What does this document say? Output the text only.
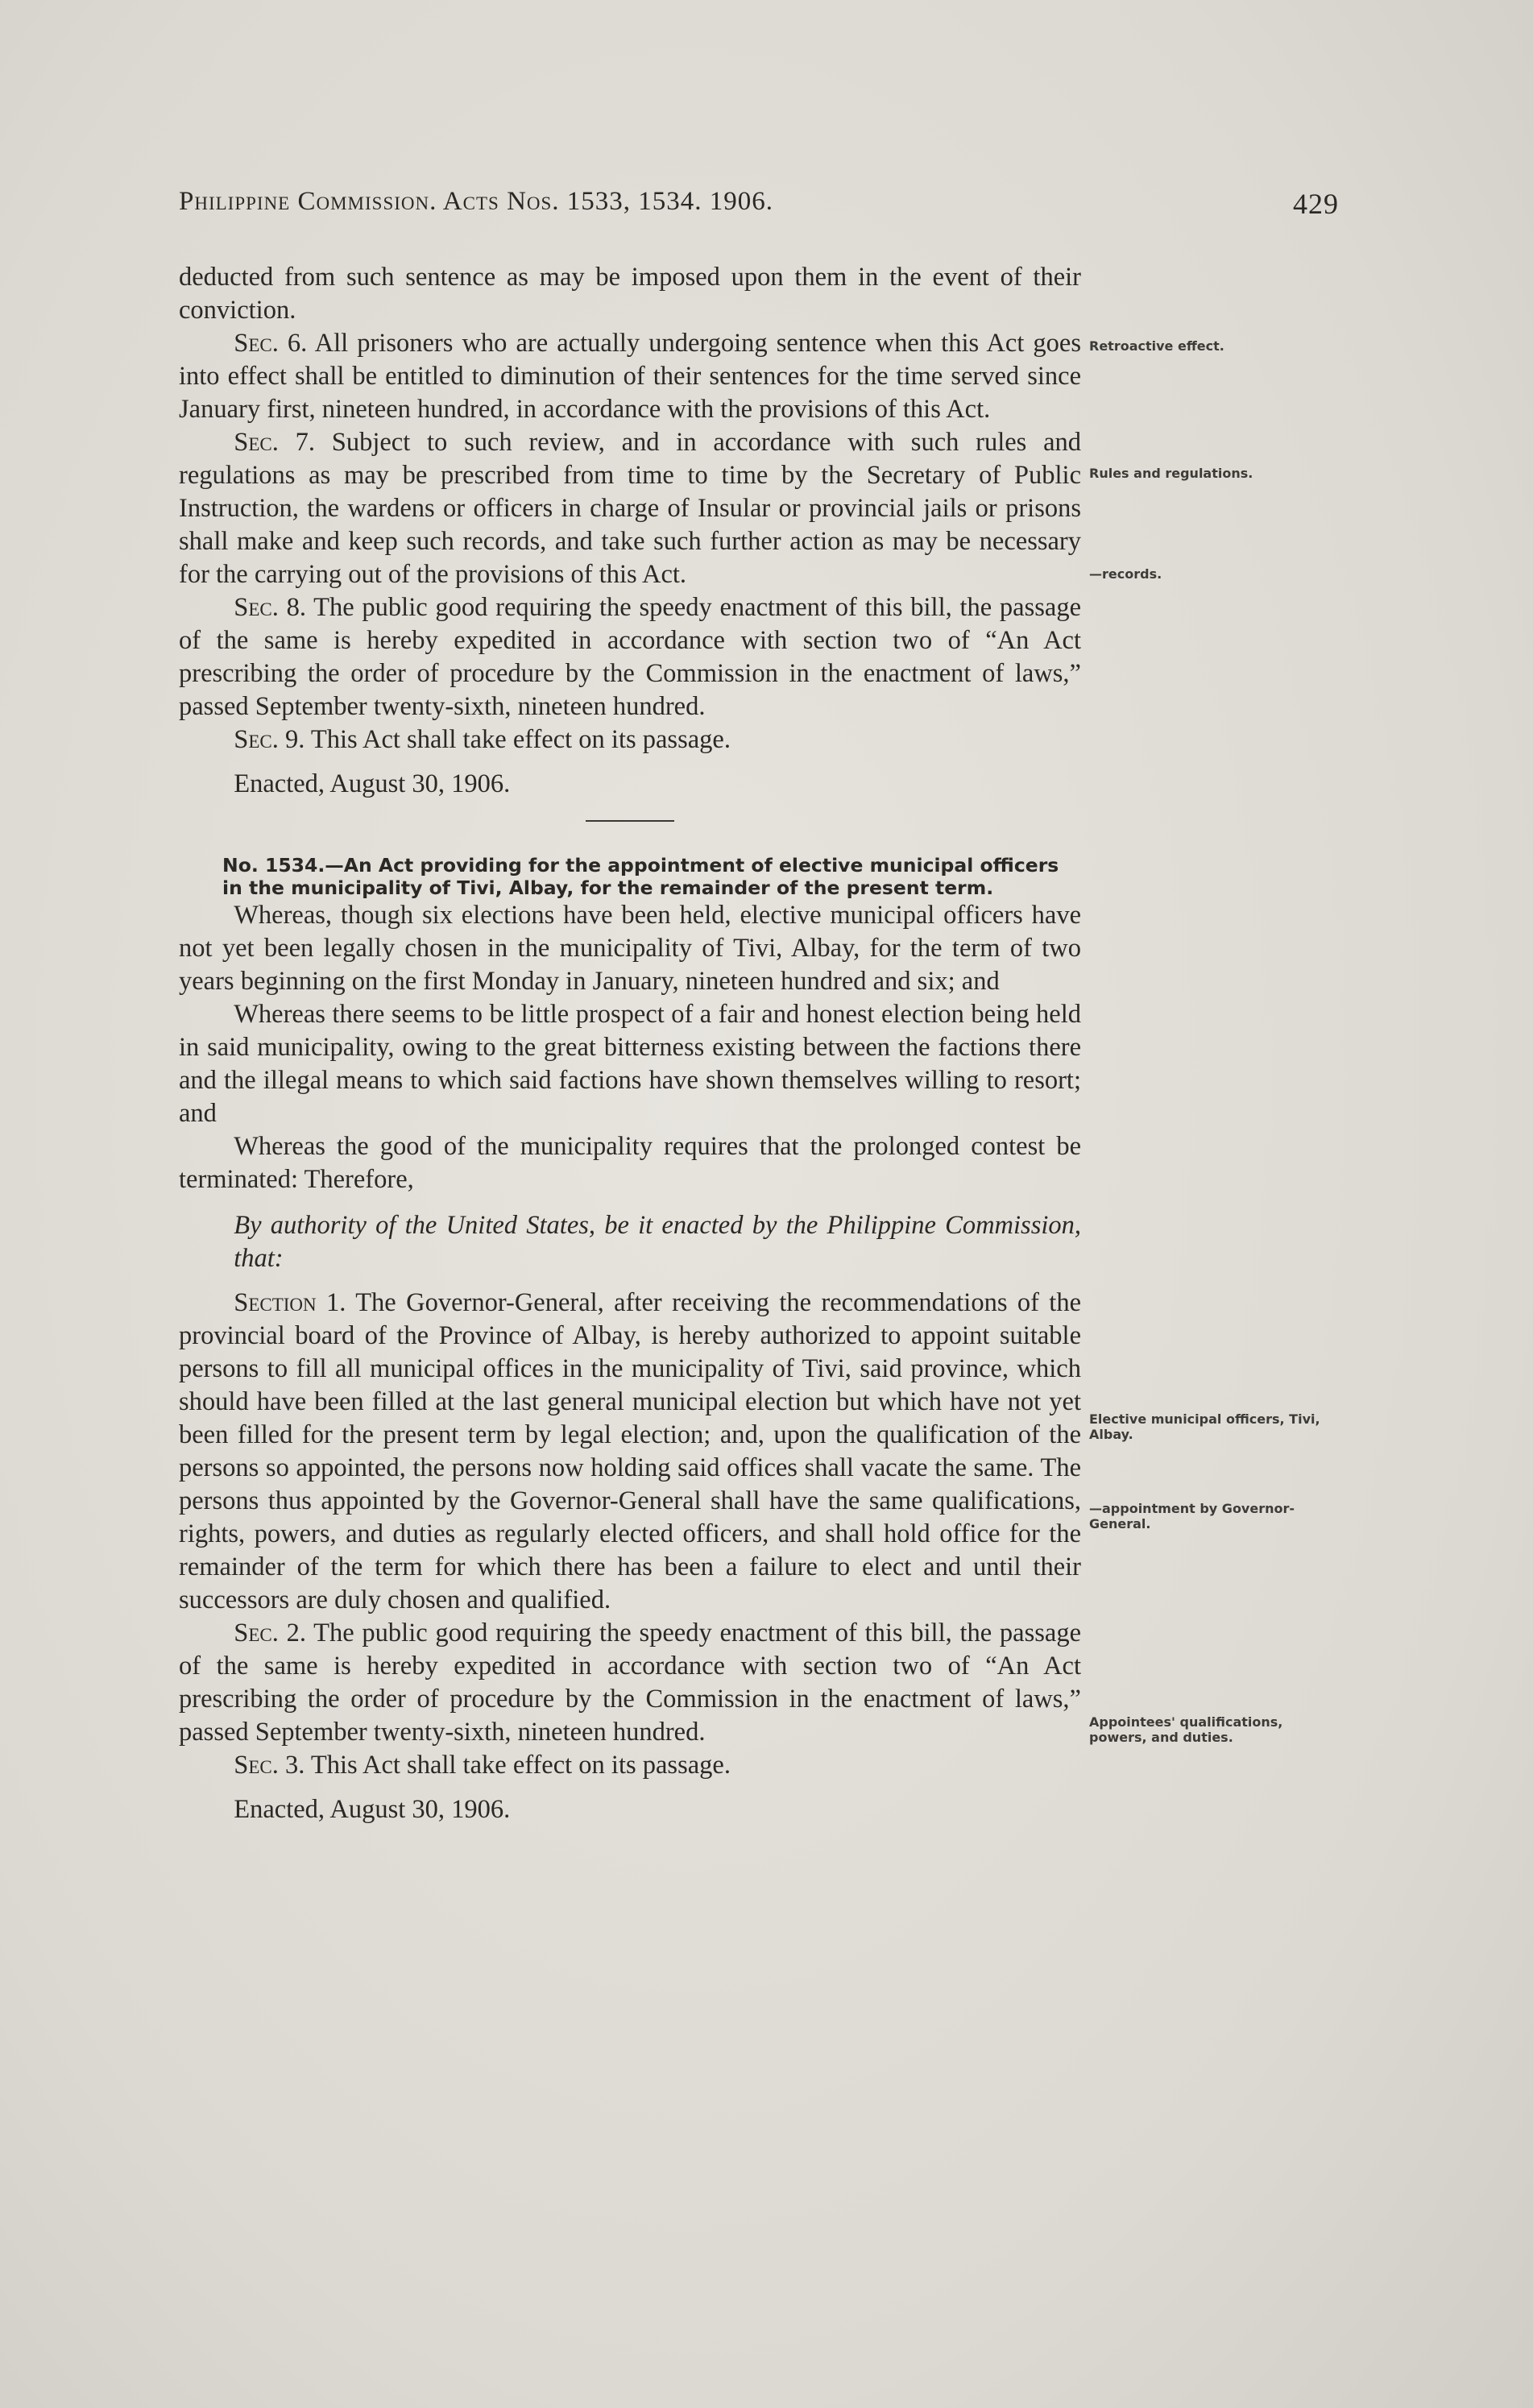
Philippine Commission. Acts Nos. 1533, 1534. 1906.	429

deducted from such sentence as may be imposed upon them in the event of their conviction.

Sec. 6. All prisoners who are actually undergoing sentence when this Act goes into effect shall be entitled to diminution of their sentences for the time served since January first, nineteen hundred, in accordance with the provisions of this Act.

Sec. 7. Subject to such review, and in accordance with such rules and regulations as may be prescribed from time to time by the Secretary of Public Instruction, the wardens or officers in charge of Insular or provincial jails or prisons shall make and keep such records, and take such further action as may be necessary for the carrying out of the provisions of this Act.

Sec. 8. The public good requiring the speedy enactment of this bill, the passage of the same is hereby expedited in accordance with section two of “An Act prescribing the order of procedure by the Commission in the enactment of laws,” passed September twenty-sixth, nineteen hundred.

Sec. 9. This Act shall take effect on its passage.

Enacted, August 30, 1906.

No. 1534.—An Act providing for the appointment of elective municipal officers in the municipality of Tivi, Albay, for the remainder of the present term.

Whereas, though six elections have been held, elective municipal officers have not yet been legally chosen in the municipality of Tivi, Albay, for the term of two years beginning on the first Monday in January, nineteen hundred and six; and

Whereas there seems to be little prospect of a fair and honest election being held in said municipality, owing to the great bitterness existing between the factions there and the illegal means to which said factions have shown themselves willing to resort; and

Whereas the good of the municipality requires that the prolonged contest be terminated: Therefore,

By authority of the United States, be it enacted by the Philippine Commission, that:

Section 1. The Governor-General, after receiving the recommendations of the provincial board of the Province of Albay, is hereby authorized to appoint suitable persons to fill all municipal offices in the municipality of Tivi, said province, which should have been filled at the last general municipal election but which have not yet been filled for the present term by legal election; and, upon the qualification of the persons so appointed, the persons now holding said offices shall vacate the same. The persons thus appointed by the Governor-General shall have the same qualifications, rights, powers, and duties as regularly elected officers, and shall hold office for the remainder of the term for which there has been a failure to elect and until their successors are duly chosen and qualified.

Sec. 2. The public good requiring the speedy enactment of this bill, the passage of the same is hereby expedited in accordance with section two of “An Act prescribing the order of procedure by the Commission in the enactment of laws,” passed September twenty-sixth, nineteen hundred.

Sec. 3. This Act shall take effect on its passage.

Enacted, August 30, 1906.

Retroactive effect.
Rules and regulations.
—records.
Elective municipal officers, Tivi, Albay.
—appointment by Governor-General.
Appointees' qualifications, powers, and duties.
